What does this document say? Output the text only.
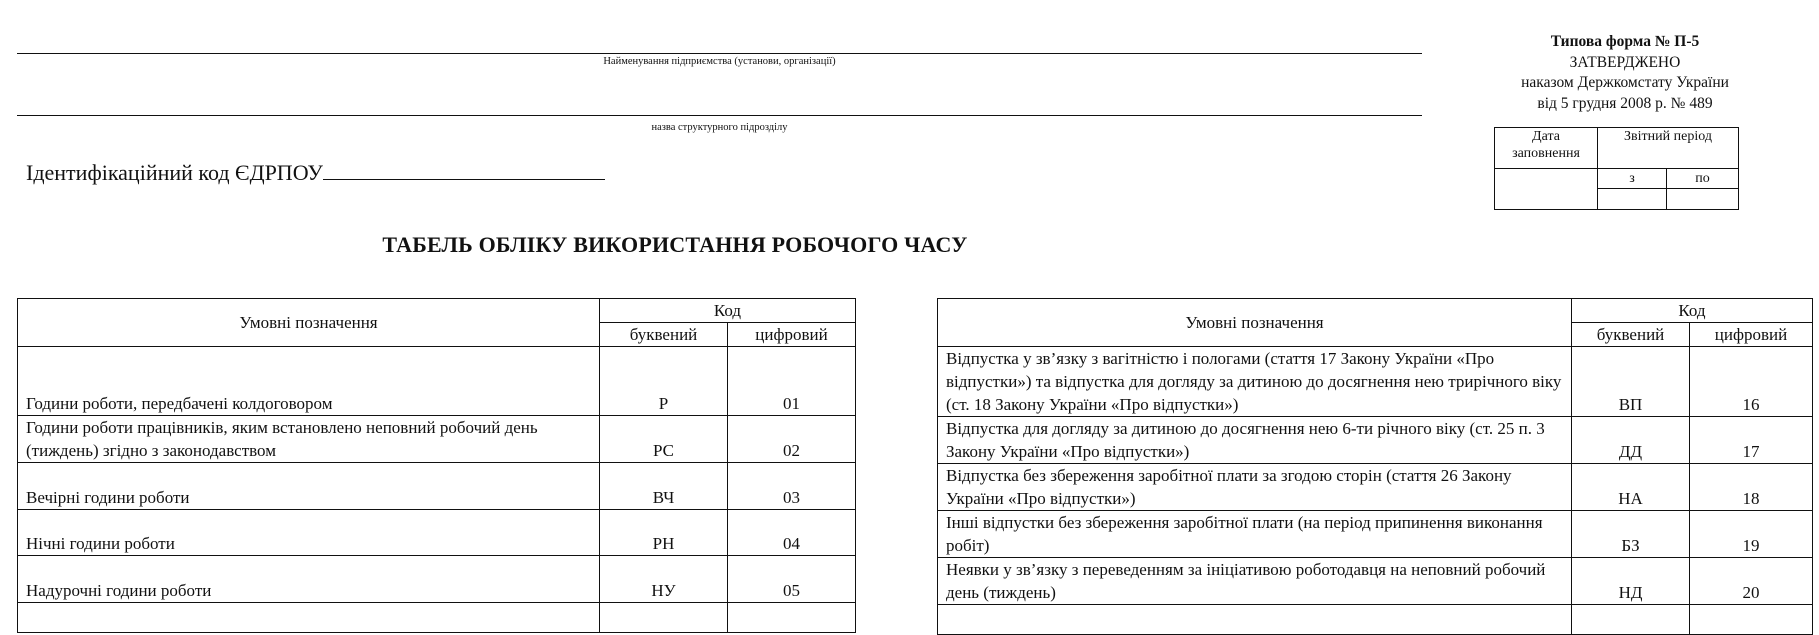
Найменування підприємства (установи, організації)
назва структурного підрозділу
Ідентифікаційний код ЄДРПОУ
Типова форма № П-5
ЗАТВЕРДЖЕНО
наказом Держкомстату України
від 5 грудня 2008 р. № 489
Дата
заповнення	Звітний період	

	з	по

ТАБЕЛЬ ОБЛІКУ ВИКОРИСТАННЯ РОБОЧОГО ЧАСУ
Умовні позначення	Код	
	буквений	цифровий
Години роботи, передбачені колдоговором	Р	01
Години роботи працівників, яким встановлено неповний робочий день (тиждень) згідно з законодавством	РС	02
Вечірні години роботи	ВЧ	03
Нічні години роботи	РН	04
Надурочні години роботи	НУ	05

Умовні позначення	Код	
	буквений	цифровий
Відпустка у зв’язку з вагітністю і пологами (стаття 17 Закону України «Про відпустки») та відпустка для догляду за дитиною до досягнення нею трирічного віку (ст. 18 Закону України «Про відпустки»)	ВП	16
Відпустка для догляду за дитиною до досягнення нею 6-ти річного віку (ст. 25 п. 3 Закону України «Про відпустки»)	ДД	17
Відпустка без збереження заробітної плати за згодою сторін (стаття 26 Закону України «Про відпустки»)	НА	18
Інші відпустки без збереження заробітної плати (на період припинення виконання робіт)	БЗ	19
Неявки у зв’язку з переведенням за ініціативою роботодавця на неповний робочий день (тиждень)	НД	20
